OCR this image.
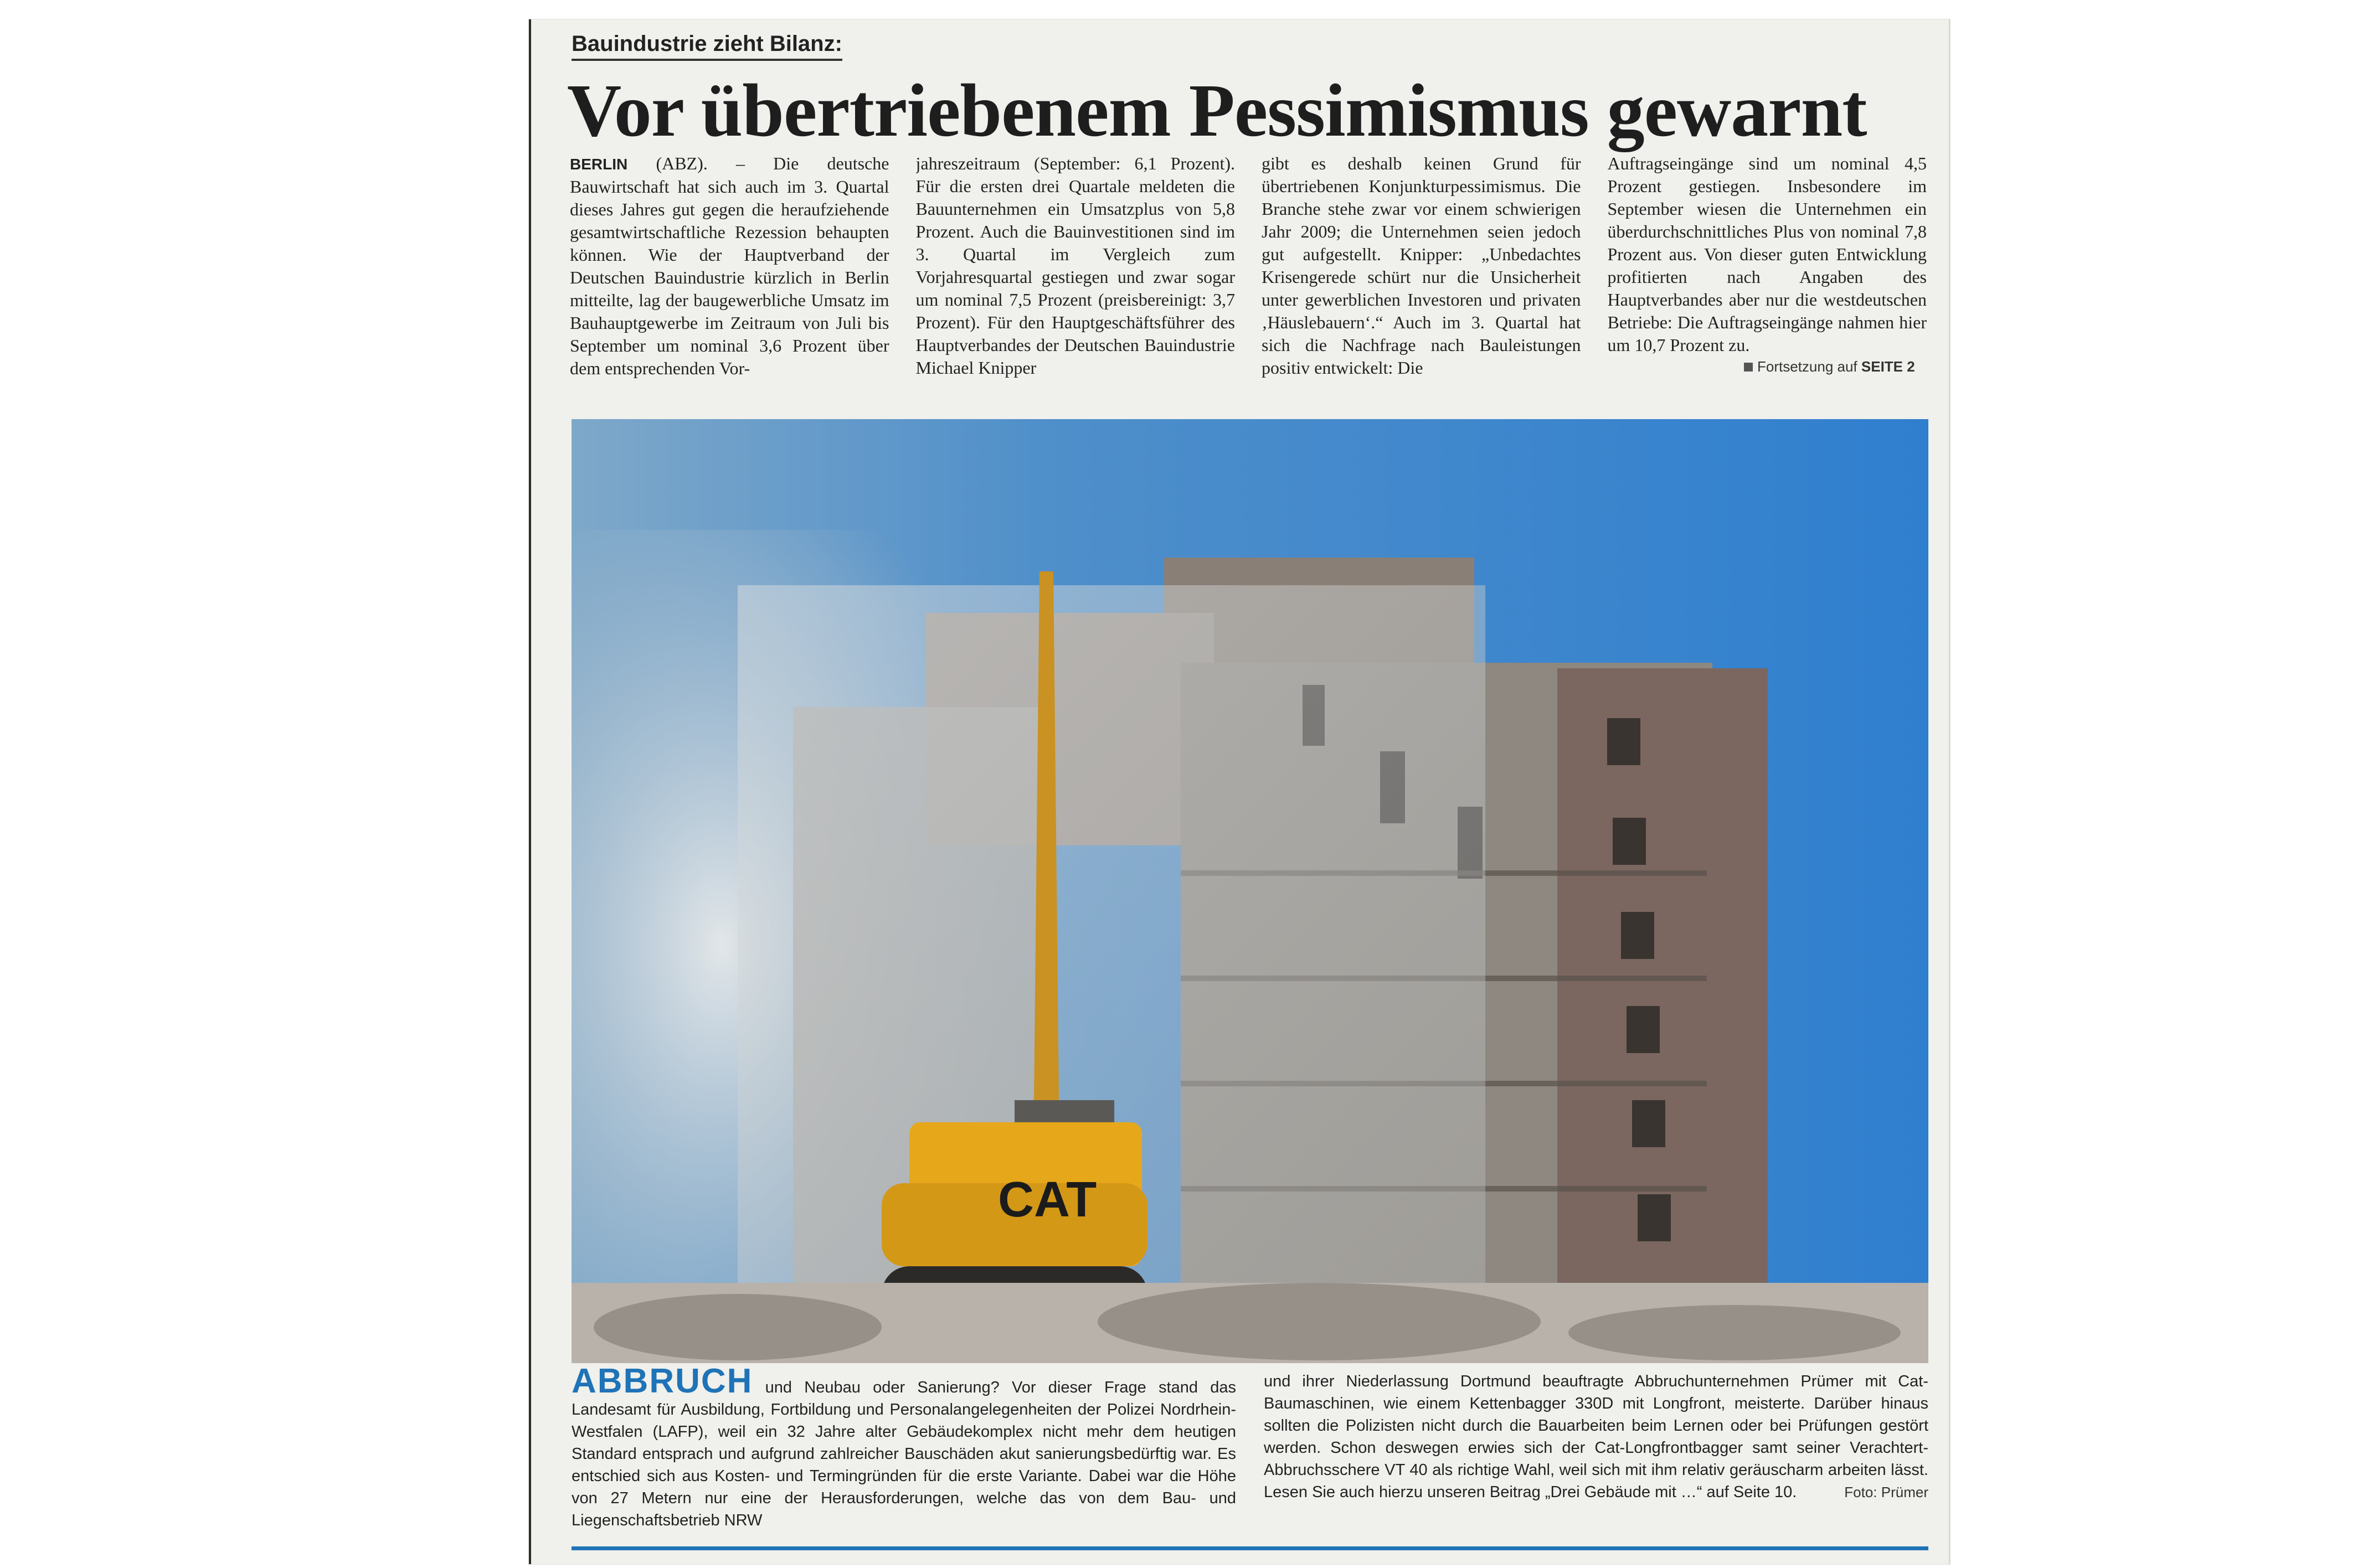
Bauindustrie zieht Bilanz:
Vor übertriebenem Pessimismus gewarnt
BERLIN (ABZ). – Die deutsche Bauwirtschaft hat sich auch im 3. Quartal dieses Jahres gut gegen die heraufziehende gesamtwirtschaftliche Rezession behaupten können. Wie der Hauptverband der Deutschen Bauindustrie kürzlich in Berlin mitteilte, lag der baugewerbliche Umsatz im Bauhauptgewerbe im Zeitraum von Juli bis September um nominal 3,6 Prozent über dem entsprechenden Vor-
jahreszeitraum (September: 6,1 Prozent). Für die ersten drei Quartale meldeten die Bauunternehmen ein Umsatzplus von 5,8 Prozent. Auch die Bauinvestitionen sind im 3. Quartal im Vergleich zum Vorjahresquartal gestiegen und zwar sogar um nominal 7,5 Prozent (preisbereinigt: 3,7 Prozent). Für den Hauptgeschäftsführer des Hauptverbandes der Deutschen Bauindustrie Michael Knipper
gibt es deshalb keinen Grund für übertriebenen Konjunkturpessimismus. Die Branche stehe zwar vor einem schwierigen Jahr 2009; die Unternehmen seien jedoch gut aufgestellt. Knipper: „Unbedachtes Krisengerede schürt nur die Unsicherheit unter gewerblichen Investoren und privaten ‚Häuslebauern‘.“ Auch im 3. Quartal hat sich die Nachfrage nach Bauleistungen positiv entwickelt: Die
Auftragseingänge sind um nominal 4,5 Prozent gestiegen. Insbesondere im September wiesen die Unternehmen ein überdurchschnittliches Plus von nominal 7,8 Prozent aus. Von dieser guten Entwicklung profitierten nach Angaben des Hauptverbandes aber nur die westdeutschen Betriebe: Die Auftragseingänge nahmen hier um 10,7 Prozent zu.
Fortsetzung auf SEITE 2
CAT
ABBRUCH und Neubau oder Sanierung? Vor dieser Frage stand das Landesamt für Ausbildung, Fortbildung und Personalangelegenheiten der Polizei Nordrhein-Westfalen (LAFP), weil ein 32 Jahre alter Gebäudekomplex nicht mehr dem heutigen Standard entsprach und aufgrund zahlreicher Bauschäden akut sanierungsbedürftig war. Es entschied sich aus Kosten- und Termingründen für die erste Variante. Dabei war die Höhe von 27 Metern nur eine der Herausforderungen, welche das von dem Bau- und Liegenschaftsbetrieb NRW
und ihrer Niederlassung Dortmund beauftragte Abbruchunternehmen Prümer mit Cat-Baumaschinen, wie einem Kettenbagger 330D mit Longfront, meisterte. Darüber hinaus sollten die Polizisten nicht durch die Bauarbeiten beim Lernen oder bei Prüfungen gestört werden. Schon deswegen erwies sich der Cat-Longfrontbagger samt seiner Verachtert-Abbruchsschere VT 40 als richtige Wahl, weil sich mit ihm relativ geräuscharm arbeiten lässt. Lesen Sie auch hierzu unseren Beitrag „Drei Gebäude mit …“ auf Seite 10.	Foto: Prümer
